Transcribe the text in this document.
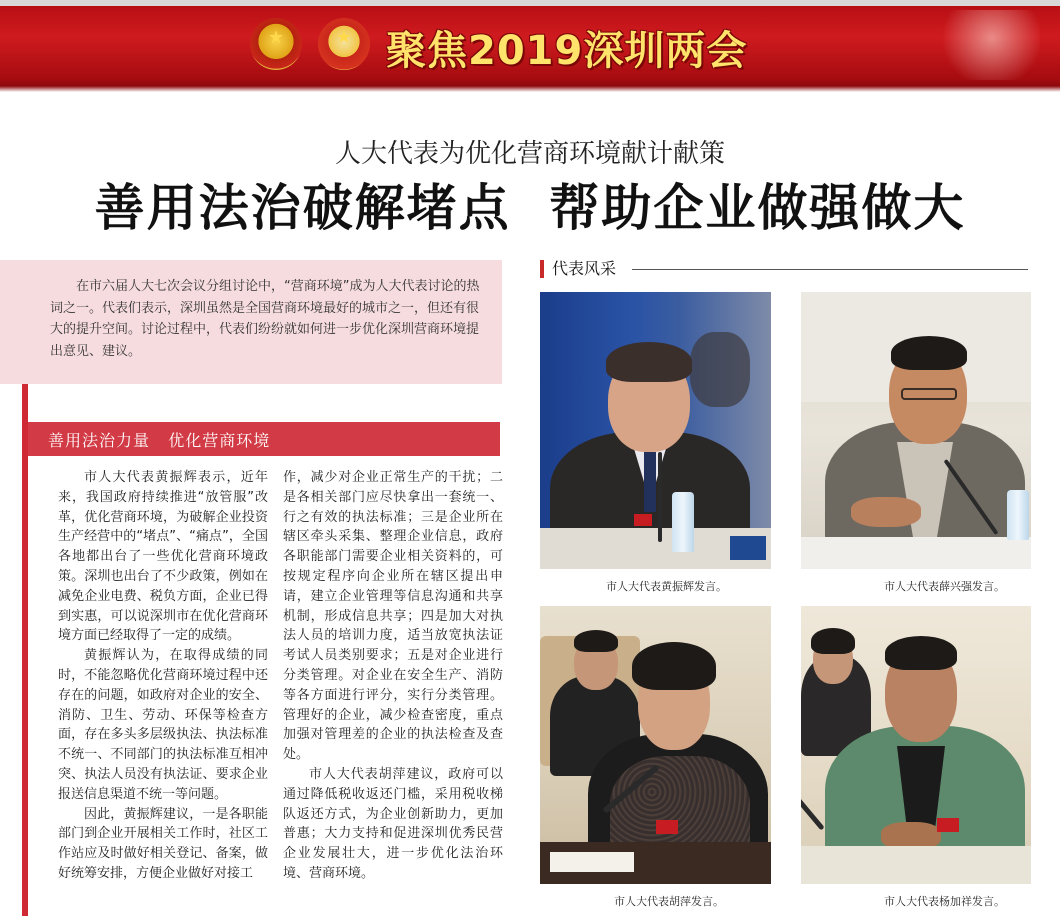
★	★ 聚焦2019深圳两会
人大代表为优化营商环境献计献策
善用法治破解堵点  帮助企业做强做大

在市六届人大七次会议分组讨论中，“营商环境”成为人大代表讨论的热词之一。代表们表示，深圳虽然是全国营商环境最好的城市之一，但还有很大的提升空间。讨论过程中，代表们纷纷就如何进一步优化深圳营商环境提出意见、建议。

善用法治力量   优化营商环境

市人大代表黄振辉表示，近年来，我国政府持续推进“放管服”改革，优化营商环境，为破解企业投资生产经营中的“堵点”、“痛点”，全国各地都出台了一些优化营商环境政策。深圳也出台了不少政策，例如在减免企业电费、税负方面，企业已得到实惠，可以说深圳市在优化营商环境方面已经取得了一定的成绩。

黄振辉认为，在取得成绩的同时，不能忽略优化营商环境过程中还存在的问题，如政府对企业的安全、消防、卫生、劳动、环保等检查方面，存在多头多层级执法、执法标准不统一、不同部门的执法标准互相冲突、执法人员没有执法证、要求企业报送信息渠道不统一等问题。

因此，黄振辉建议，一是各职能部门到企业开展相关工作时，社区工作站应及时做好相关登记、备案，做好统筹安排，方便企业做好对接工

作，减少对企业正常生产的干扰；二是各相关部门应尽快拿出一套统一、行之有效的执法标准；三是企业所在辖区牵头采集、整理企业信息，政府各职能部门需要企业相关资料的，可按规定程序向企业所在辖区提出申请，建立企业管理等信息沟通和共享机制，形成信息共享；四是加大对执法人员的培训力度，适当放宽执法证考试人员类别要求；五是对企业进行分类管理。对企业在安全生产、消防等各方面进行评分，实行分类管理。管理好的企业，减少检查密度，重点加强对管理差的企业的执法检查及查处。

市人大代表胡萍建议，政府可以通过降低税收返还门槛，采用税收梯队返还方式，为企业创新助力，更加普惠；大力支持和促进深圳优秀民营企业发展壮大，进一步优化法治环境、营商环境。

代表风采
市人大代表黄振辉发言。	市人大代表薛兴强发言。
市人大代表胡萍发言。	市人大代表杨加祥发言。
